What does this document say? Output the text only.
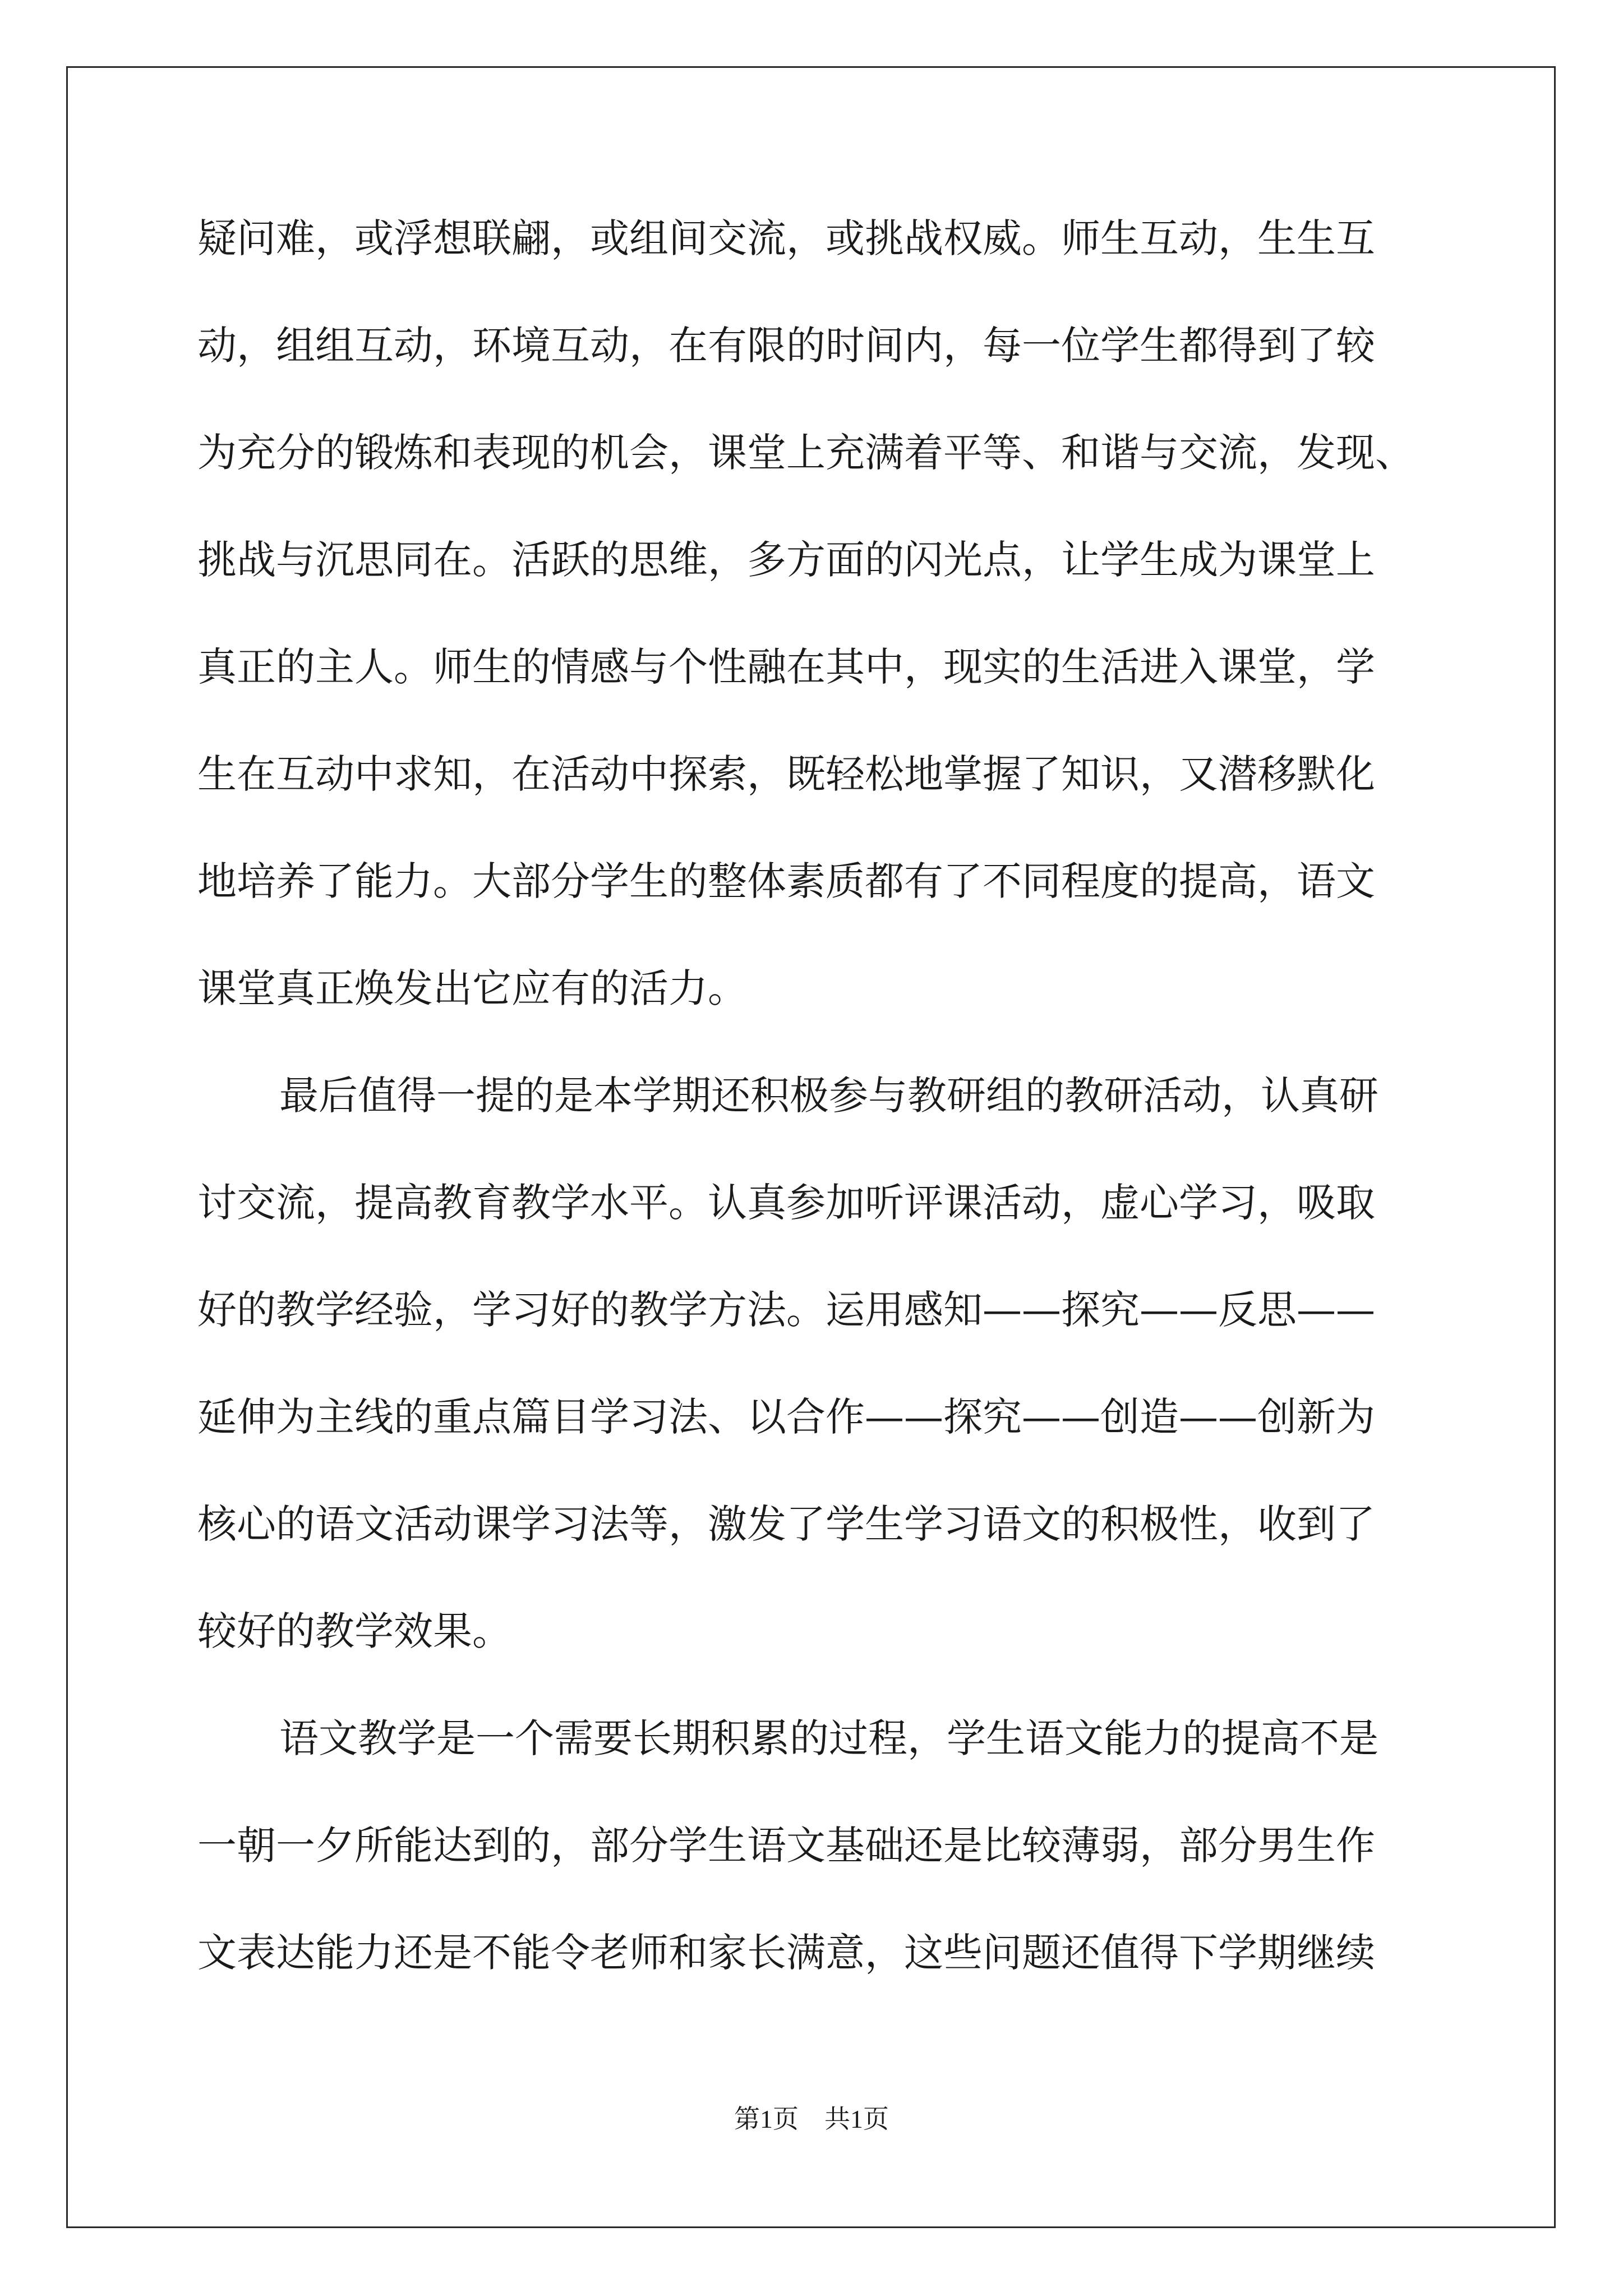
疑问难，或浮想联翩，或组间交流，或挑战权威。师生互动，生生互
动，组组互动，环境互动，在有限的时间内，每一位学生都得到了较
为充分的锻炼和表现的机会，课堂上充满着平等、和谐与交流，发现、
挑战与沉思同在。活跃的思维，多方面的闪光点，让学生成为课堂上
真正的主人。师生的情感与个性融在其中，现实的生活进入课堂，学
生在互动中求知，在活动中探索，既轻松地掌握了知识，又潜移默化
地培养了能力。大部分学生的整体素质都有了不同程度的提高，语文
课堂真正焕发出它应有的活力。
最后值得一提的是本学期还积极参与教研组的教研活动，认真研
讨交流，提高教育教学水平。认真参加听评课活动，虚心学习，吸取
好的教学经验，学习好的教学方法。运用感知——探究——反思——
延伸为主线的重点篇目学习法、以合作——探究——创造——创新为
核心的语文活动课学习法等，激发了学生学习语文的积极性，收到了
较好的教学效果。
语文教学是一个需要长期积累的过程，学生语文能力的提高不是
一朝一夕所能达到的，部分学生语文基础还是比较薄弱，部分男生作
文表达能力还是不能令老师和家长满意，这些问题还值得下学期继续
第1页　共1页
